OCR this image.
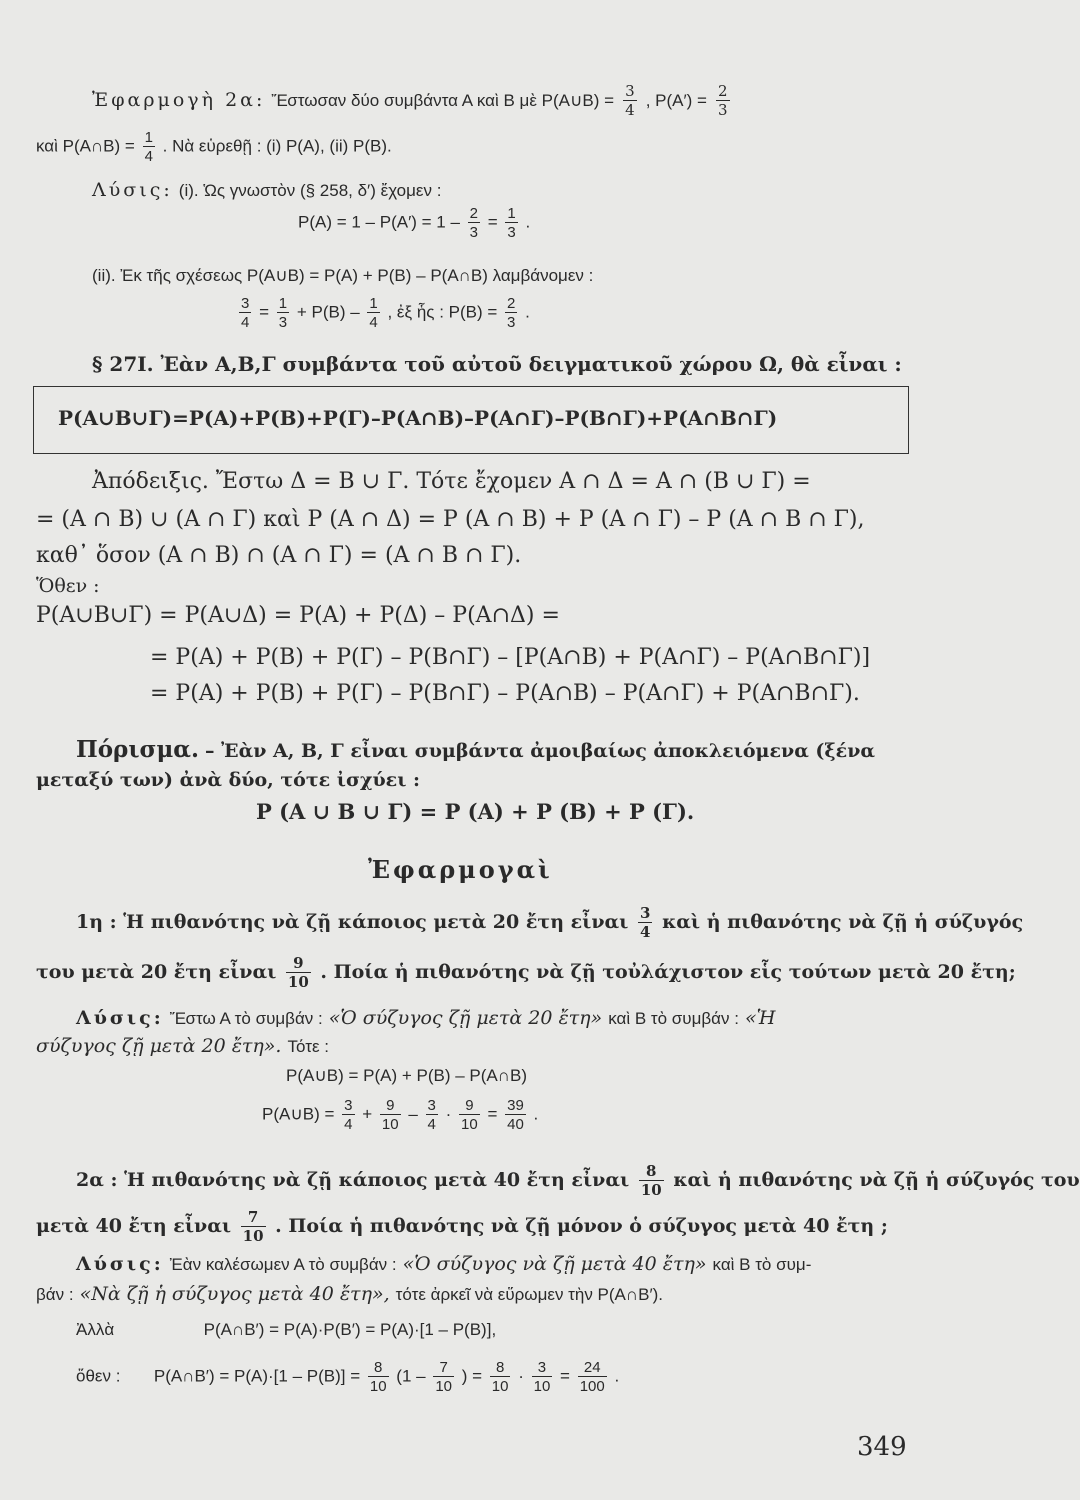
Ἐφαρμογὴ 2α: Ἔστωσαν δύο συμβάντα Α καὶ Β μὲ P(A∪B) = $\frac{3}{4}$ , $P(A') = \frac{2}{3}$
καὶ P(A∩B) = $\frac{1}{4}$ . Νὰ εὑρεθῇ : (i) P(A), (ii) P(B).
Λύσις: (i). Ὡς γνωστὸν (§ 258, δ′) ἔχομεν :
$P(A) = 1 - P(A') = 1 - \frac{2}{3} = \frac{1}{3}$ .
(ii). Ἐκ τῆς σχέσεως P(A∪B) = P(A) + P(B) – P(A∩B) λαμβάνομεν :
$\frac{3}{4} = \frac{1}{3} + P(B) - \frac{1}{4}$ , ἐξ ἧς : $P(B) = \frac{2}{3}$ .
§ 27Ι. Ἐὰν Α,Β,Γ συμβάντα τοῦ αὐτοῦ δειγματικοῦ χώρου Ω, θὰ εἶναι :
P(A∪B∪Γ)=P(A)+P(B)+P(Γ)–P(A∩B)–P(A∩Γ)–P(B∩Γ)+P(A∩B∩Γ)
Ἀπόδειξις. Ἔστω Δ = Β ∪ Γ. Τότε ἔχομεν Α ∩ Δ = Α ∩ (Β ∪ Γ) =
= (Α ∩ Β) ∪ (Α ∩ Γ) καὶ P (Α ∩ Δ) = P (Α ∩ Β) + P (Α ∩ Γ) – P (Α ∩ Β ∩ Γ),
καθ᾽ ὅσον (Α ∩ Β) ∩ (Α ∩ Γ) = (Α ∩ Β ∩ Γ).
Ὅθεν :
P(A∪B∪Γ) = P(A∪Δ) = P(A) + P(Δ) – P(A∩Δ) =
= P(A) + P(B) + P(Γ) – P(B∩Γ) – [P(A∩B) + P(A∩Γ) – P(A∩B∩Γ)]
= P(A) + P(B) + P(Γ) – P(B∩Γ) – P(A∩B) – P(A∩Γ) + P(A∩B∩Γ).
Πόρισμα. – Ἐὰν Α, Β, Γ εἶναι συμβάντα ἀμοιβαίως ἀποκλειόμενα (ξένα
μεταξύ των) ἀνὰ δύο, τότε ἰσχύει :
P (A ∪ B ∪ Γ) = P (A) + P (B) + P (Γ).
Ἐφαρμογαὶ
1η : Ἡ πιθανότης νὰ ζῇ κάποιος μετὰ 20 ἔτη εἶναι $\frac{3}{4}$ καὶ ἡ πιθανότης νὰ ζῇ ἡ σύζυγός
του μετὰ 20 ἔτη εἶναι $\frac{9}{10}$ . Ποία ἡ πιθανότης νὰ ζῇ τοὐλάχιστον εἷς τούτων μετὰ 20 ἔτη;
Λύσις: Ἔστω Α τὸ συμβάν : «Ὁ σύζυγος ζῇ μετὰ 20 ἔτη» καὶ Β τὸ συμβάν : «Ἡ
σύζυγος ζῇ μετὰ 20 ἔτη». Τότε :
P(A∪B) = P(A) + P(B) – P(A∩B)
P(A∪B) = $\frac{3}{4} + \frac{9}{10} - \frac{3}{4} \cdot \frac{9}{10} = \frac{39}{40}$ .
2α : Ἡ πιθανότης νὰ ζῇ κάποιος μετὰ 40 ἔτη εἶναι $\frac{8}{10}$ καὶ ἡ πιθανότης νὰ ζῇ ἡ σύζυγός του
μετὰ 40 ἔτη εἶναι $\frac{7}{10}$ . Ποία ἡ πιθανότης νὰ ζῇ μόνον ὁ σύζυγος μετὰ 40 ἔτη ;
Λύσις: Ἐὰν καλέσωμεν Α τὸ συμβάν : «Ὁ σύζυγος νὰ ζῇ μετὰ 40 ἔτη» καὶ Β τὸ συμ-
βάν : «Νὰ ζῇ ἡ σύζυγος μετὰ 40 ἔτη», τότε ἀρκεῖ νὰ εὕρωμεν τὴν P(A∩B′).
Ἀλλὰ	P(A∩B′) = P(A)·P(B′) = P(A)·[1 – P(B)],
ὅθεν : P(A∩B′) = $P(A)\cdot[1 - P(B)] = \frac{8}{10} (1 - \frac{7}{10}$ ) = $\frac{8}{10} \cdot \frac{3}{10} = \frac{24}{100}$ .
349
